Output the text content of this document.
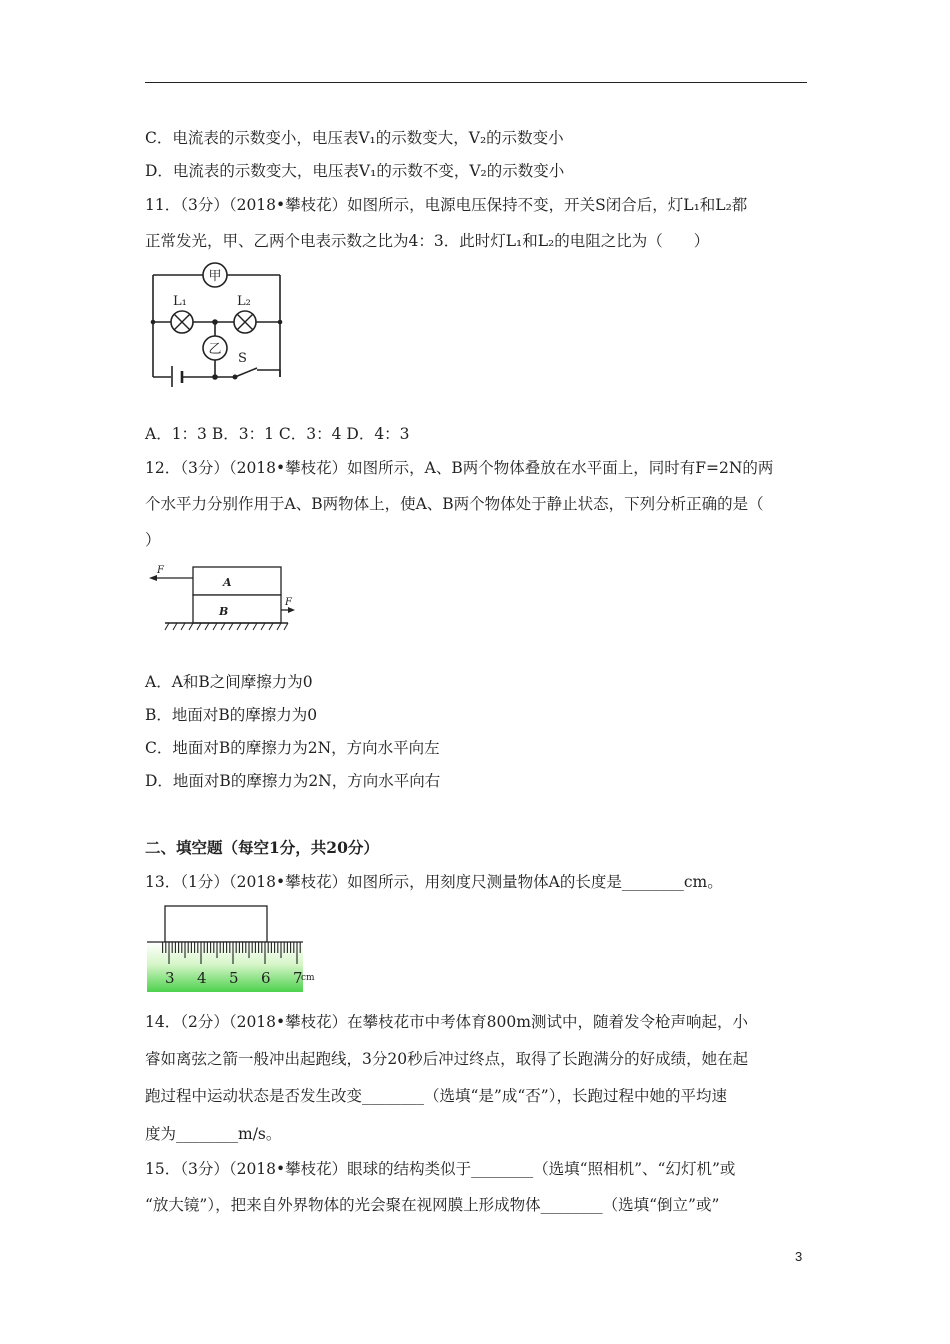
C．电流表的示数变小，电压表V₁的示数变大，V₂的示数变小
D．电流表的示数变大，电压表V₁的示数不变，V₂的示数变小
11．（3分）（2018•攀枝花）如图所示，电源电压保持不变，开关S闭合后，灯L₁和L₂都
正常发光，甲、乙两个电表示数之比为4：3．此时灯L₁和L₂的电阻之比为（　　）
甲
L₁	L₂
乙
S
A．1：3 B．3：1 C．3：4 D．4：3
12．（3分）（2018•攀枝花）如图所示，A、B两个物体叠放在水平面上，同时有F=2N的两
个水平力分别作用于A、B两物体上，使A、B两个物体处于静止状态，下列分析正确的是（
）
A
B
F
F
A．A和B之间摩擦力为0
B．地面对B的摩擦力为0
C．地面对B的摩擦力为2N，方向水平向左
D．地面对B的摩擦力为2N，方向水平向右
二、填空题（每空1分，共20分）
13．（1分）（2018•攀枝花）如图所示，用刻度尺测量物体A的长度是________cm。
3 4 5 6 7
cm
14．（2分）（2018•攀枝花）在攀枝花市中考体育800m测试中，随着发令枪声响起，小
睿如离弦之箭一般冲出起跑线，3分20秒后冲过终点，取得了长跑满分的好成绩，她在起
跑过程中运动状态是否发生改变________（选填“是”成“否”），长跑过程中她的平均速
度为________m/s。
15．（3分）（2018•攀枝花）眼球的结构类似于________（选填“照相机”、“幻灯机”或
“放大镜”），把来自外界物体的光会聚在视网膜上形成物体________（选填“倒立”或”
3
